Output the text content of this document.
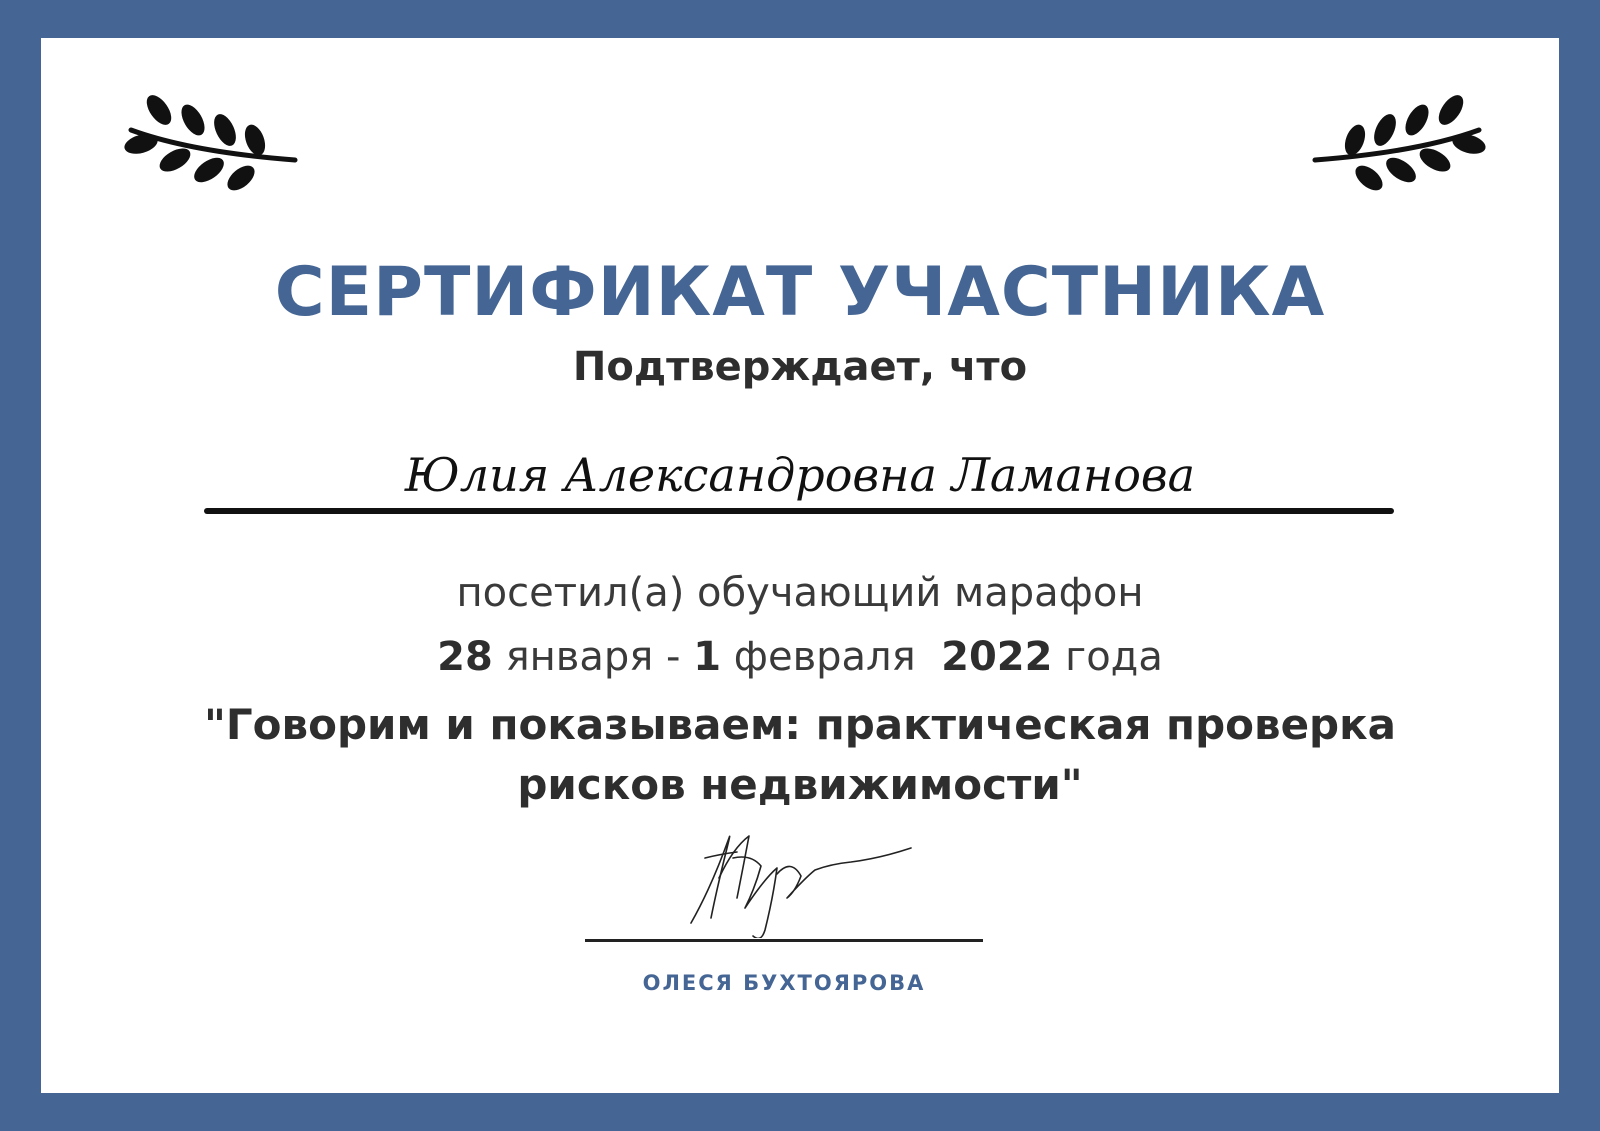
СЕРТИФИКАТ УЧАСТНИКА
Подтверждает, что
Юлия Александровна Ламанова
посетил(а) обучающий марафон
28 января - 1 февраля 2022 года
"Говорим и показываем: практическая проверка
рисков недвижимости"
ОЛЕСЯ БУХТОЯРОВА
